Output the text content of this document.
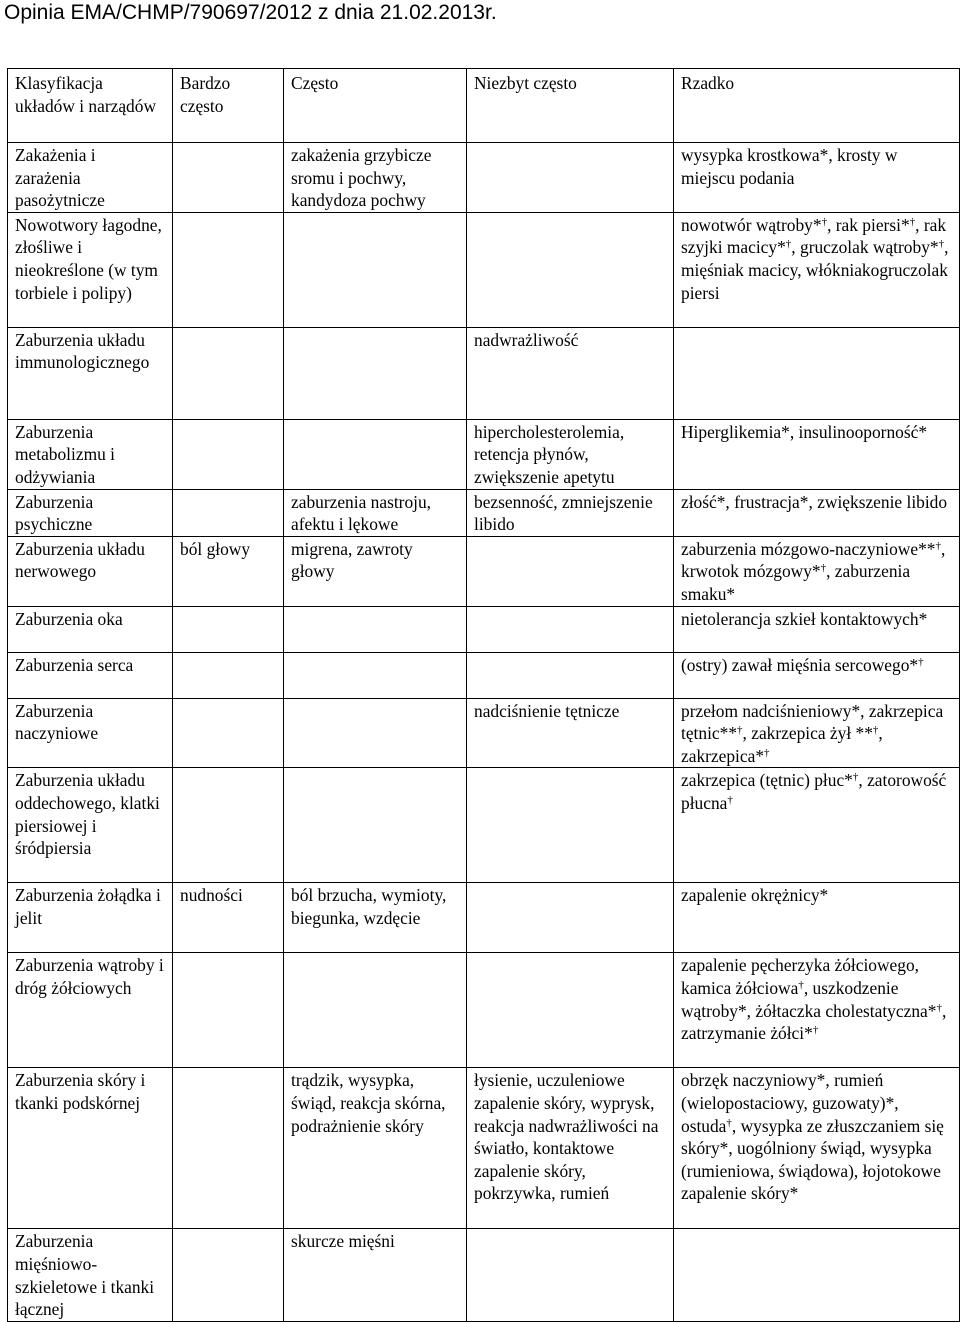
Opinia EMA/CHMP/790697/2012 z dnia 21.02.2013r.
Klasyfikacja układów i narządów	Bardzo często	Często	Niezbyt często	Rzadko
Zakażenia i zarażenia pasożytnicze		zakażenia grzybicze sromu i pochwy, kandydoza pochwy		wysypka krostkowa*, krosty w miejscu podania
Nowotwory łagodne, złośliwe i nieokreślone (w tym torbiele i polipy)				nowotwór wątroby*†, rak piersi*†, rak szyjki macicy*†, gruczolak wątroby*†, mięśniak macicy, włókniakogruczolak piersi
Zaburzenia układu immunologicznego			nadwrażliwość	
Zaburzenia metabolizmu i odżywiania			hipercholesterolemia, retencja płynów, zwiększenie apetytu	Hiperglikemia*, insulinooporność*
Zaburzenia psychiczne		zaburzenia nastroju, afektu i lękowe	bezsenność, zmniejszenie libido	złość*, frustracja*, zwiększenie libido
Zaburzenia układu nerwowego	ból głowy	migrena, zawroty głowy		zaburzenia mózgowo-naczyniowe**†, krwotok mózgowy*†, zaburzenia smaku*
Zaburzenia oka				nietolerancja szkieł kontaktowych*
Zaburzenia serca				(ostry) zawał mięśnia sercowego*†
Zaburzenia naczyniowe			nadciśnienie tętnicze	przełom nadciśnieniowy*, zakrzepica tętnic**†, zakrzepica żył **†, zakrzepica*†
Zaburzenia układu oddechowego, klatki piersiowej i śródpiersia				zakrzepica (tętnic) płuc*†, zatorowość płucna†
Zaburzenia żołądka i jelit	nudności	ból brzucha, wymioty, biegunka, wzdęcie		zapalenie okrężnicy*
Zaburzenia wątroby i dróg żółciowych				zapalenie pęcherzyka żółciowego, kamica żółciowa†, uszkodzenie wątroby*, żółtaczka cholestatyczna*†, zatrzymanie żółci*†
Zaburzenia skóry i tkanki podskórnej		trądzik, wysypka, świąd, reakcja skórna, podrażnienie skóry	łysienie, uczuleniowe zapalenie skóry, wyprysk, reakcja nadwrażliwości na światło, kontaktowe zapalenie skóry, pokrzywka, rumień	obrzęk naczyniowy*, rumień (wielopostaciowy, guzowaty)*, ostuda†, wysypka ze złuszczaniem się skóry*, uogólniony świąd, wysypka (rumieniowa, świądowa), łojotokowe zapalenie skóry*
Zaburzenia mięśniowo-szkieletowe i tkanki łącznej		skurcze mięśni		
